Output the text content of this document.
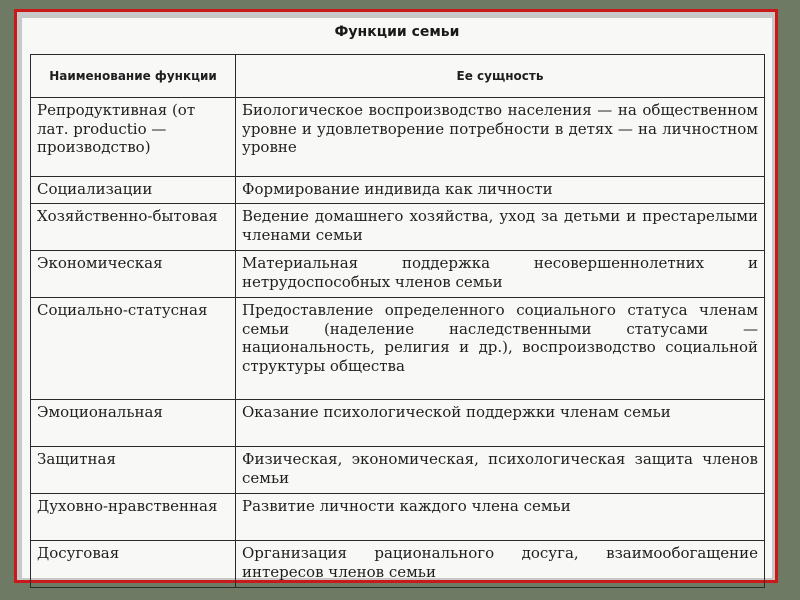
Функции семьи
Наименование функции	Ее сущность
Репродуктивная (от лат. productio — производство)	Биологическое воспроизводство населения — на общественном уровне и удовлетворение потребности в детях — на личностном уровне
Социализации	Формирование индивида как личности
Хозяйственно-бытовая	Ведение домашнего хозяйства, уход за детьми и престарелыми членами семьи
Экономическая	Материальная поддержка несовершеннолетних и нетрудоспособных членов семьи
Социально-статусная	Предоставление определенного социального статуса членам семьи (наделение наследственными статусами — национальность, религия и др.), воспроизводство социальной структуры общества
Эмоциональная	Оказание психологической поддержки членам семьи
Защитная	Физическая, экономическая, психологическая защита членов семьи
Духовно-нравственная	Развитие личности каждого члена семьи
Досуговая	Организация рационального досуга, взаимообогащение интересов членов семьи
